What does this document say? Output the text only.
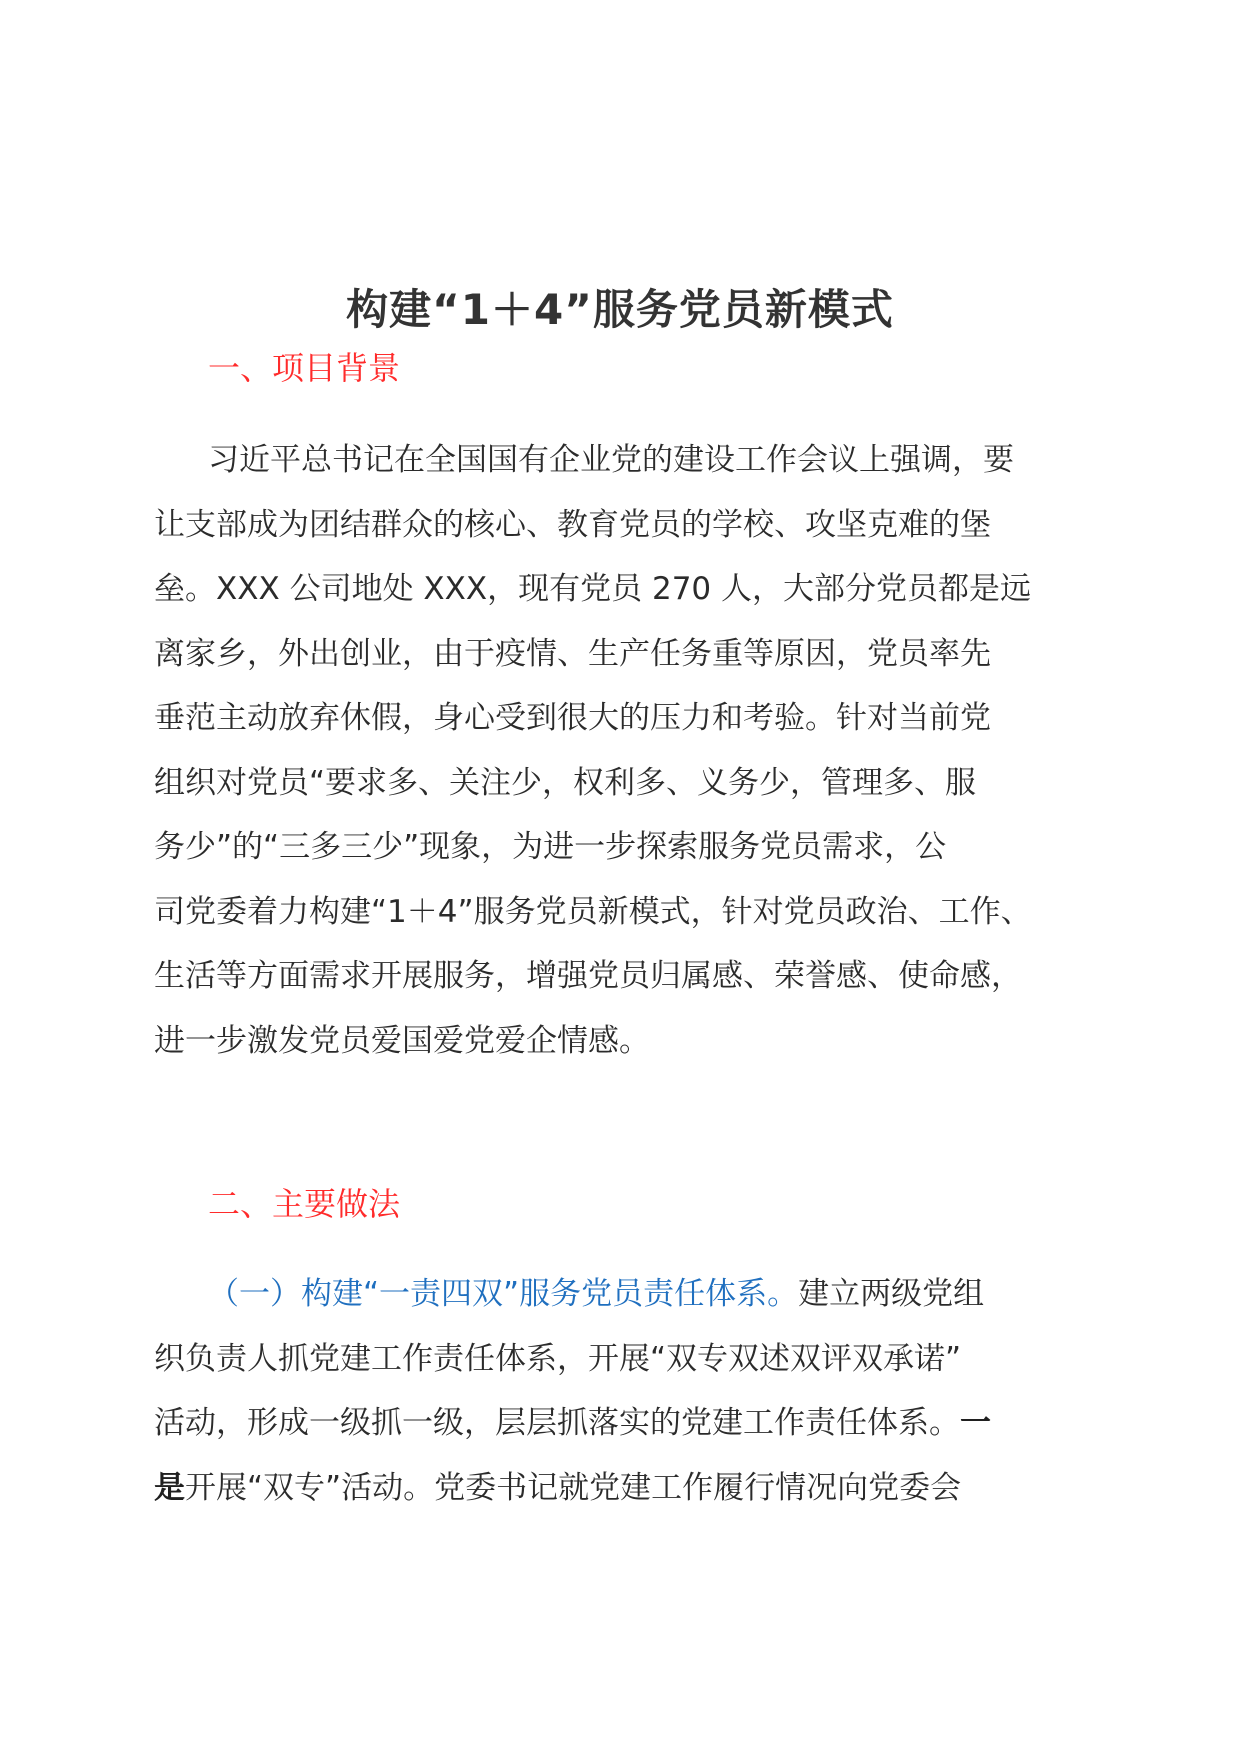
构建“1＋4”服务党员新模式
一、项目背景
习近平总书记在全国国有企业党的建设工作会议上强调，要
让支部成为团结群众的核心、教育党员的学校、攻坚克难的堡
垒。XXX 公司地处 XXX，现有党员 270 人，大部分党员都是远
离家乡，外出创业，由于疫情、生产任务重等原因，党员率先
垂范主动放弃休假，身心受到很大的压力和考验。针对当前党
组织对党员“要求多、关注少，权利多、义务少，管理多、服
务少”的“三多三少”现象，为进一步探索服务党员需求，公
司党委着力构建“1＋4”服务党员新模式，针对党员政治、工作、
生活等方面需求开展服务，增强党员归属感、荣誉感、使命感，
进一步激发党员爱国爱党爱企情感。
二、主要做法
（一）构建“一责四双”服务党员责任体系。建立两级党组
织负责人抓党建工作责任体系，开展“双专双述双评双承诺”
活动，形成一级抓一级，层层抓落实的党建工作责任体系。一
是开展“双专”活动。党委书记就党建工作履行情况向党委会
